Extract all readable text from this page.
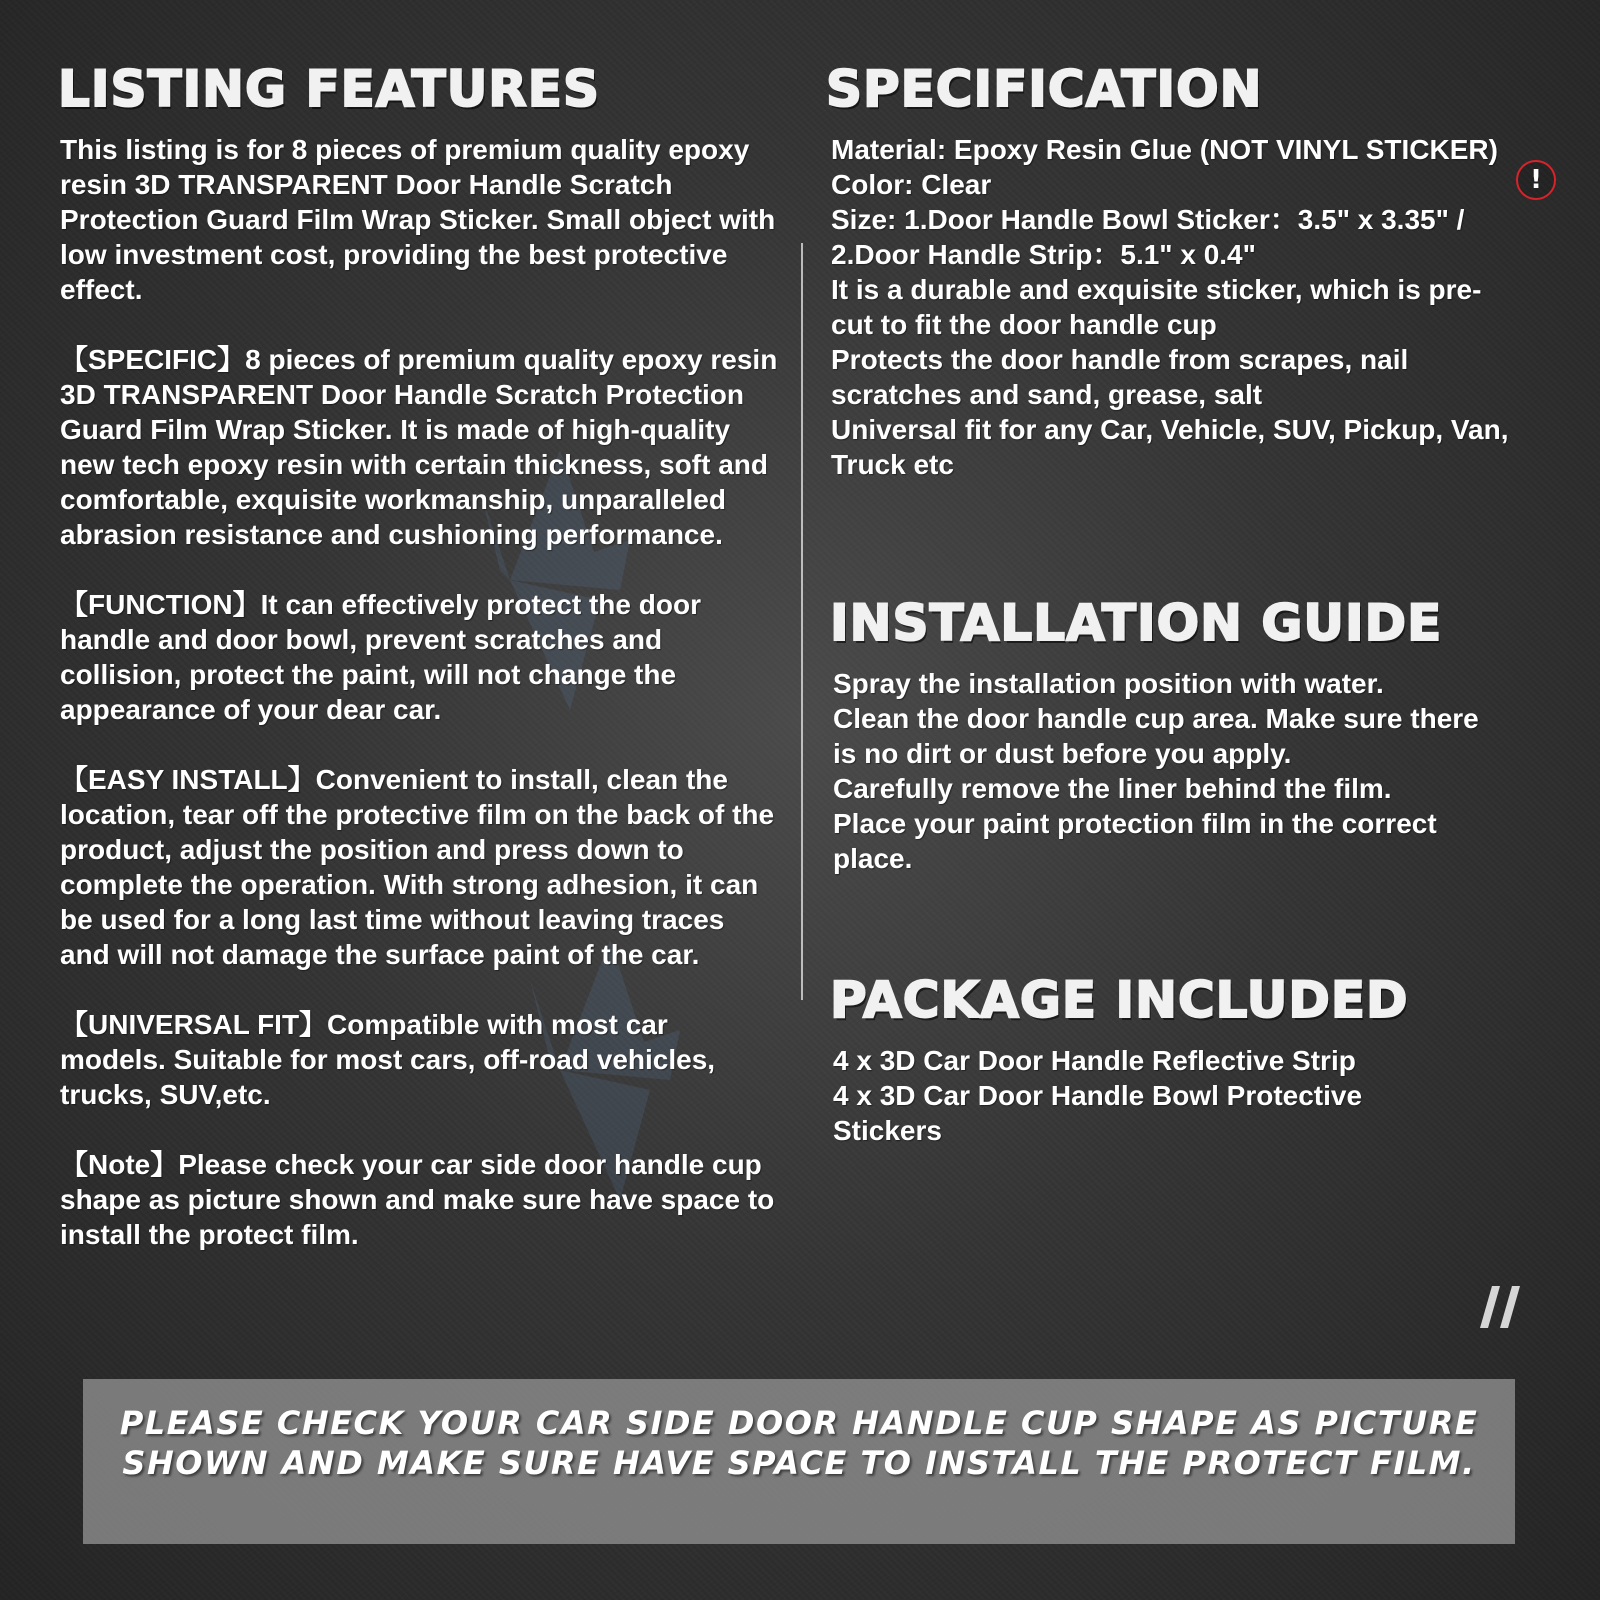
LISTING FEATURES

This listing is for 8 pieces of premium quality epoxy resin 3D TRANSPARENT Door Handle Scratch Protection Guard Film Wrap Sticker. Small object with low investment cost, providing the best protective effect.

【SPECIFIC】8 pieces of premium quality epoxy resin 3D TRANSPARENT Door Handle Scratch Protection Guard Film Wrap Sticker. It is made of high-quality new tech epoxy resin with certain thickness, soft and comfortable, exquisite workmanship, unparalleled abrasion resistance and cushioning performance.

【FUNCTION】It can effectively protect the door handle and door bowl, prevent scratches and collision, protect the paint, will not change the appearance of your dear car.

【EASY INSTALL】Convenient to install, clean the location, tear off the protective film on the back of the product, adjust the position and press down to complete the operation. With strong adhesion, it can be used for a long last time without leaving traces and will not damage the surface paint of the car.

【UNIVERSAL FIT】Compatible with most car models. Suitable for most cars, off-road vehicles, trucks, SUV,etc.

【Note】Please check your car side door handle cup shape as picture shown and make sure have space to install the protect film.

SPECIFICATION
!

Material: Epoxy Resin Glue (NOT VINYL STICKER)

Color: Clear

Size: 1.Door Handle Bowl Sticker：3.5" x 3.35" / 2.Door Handle Strip：5.1" x 0.4"

It is a durable and exquisite sticker, which is pre-cut to fit the door handle cup

Protects the door handle from scrapes, nail scratches and sand, grease, salt

Universal fit for any Car, Vehicle, SUV, Pickup, Van, Truck etc

INSTALLATION GUIDE

Spray the installation position with water.

Clean the door handle cup area. Make sure there is no dirt or dust before you apply.

Carefully remove the liner behind the film.

Place your paint protection film in the correct place.

PACKAGE INCLUDED

4 x 3D Car Door Handle Reflective Strip

4 x 3D Car Door Handle Bowl Protective Stickers

PLEASE CHECK YOUR CAR SIDE DOOR HANDLE CUP SHAPE AS PICTURE SHOWN AND MAKE SURE HAVE SPACE TO INSTALL THE PROTECT FILM.
